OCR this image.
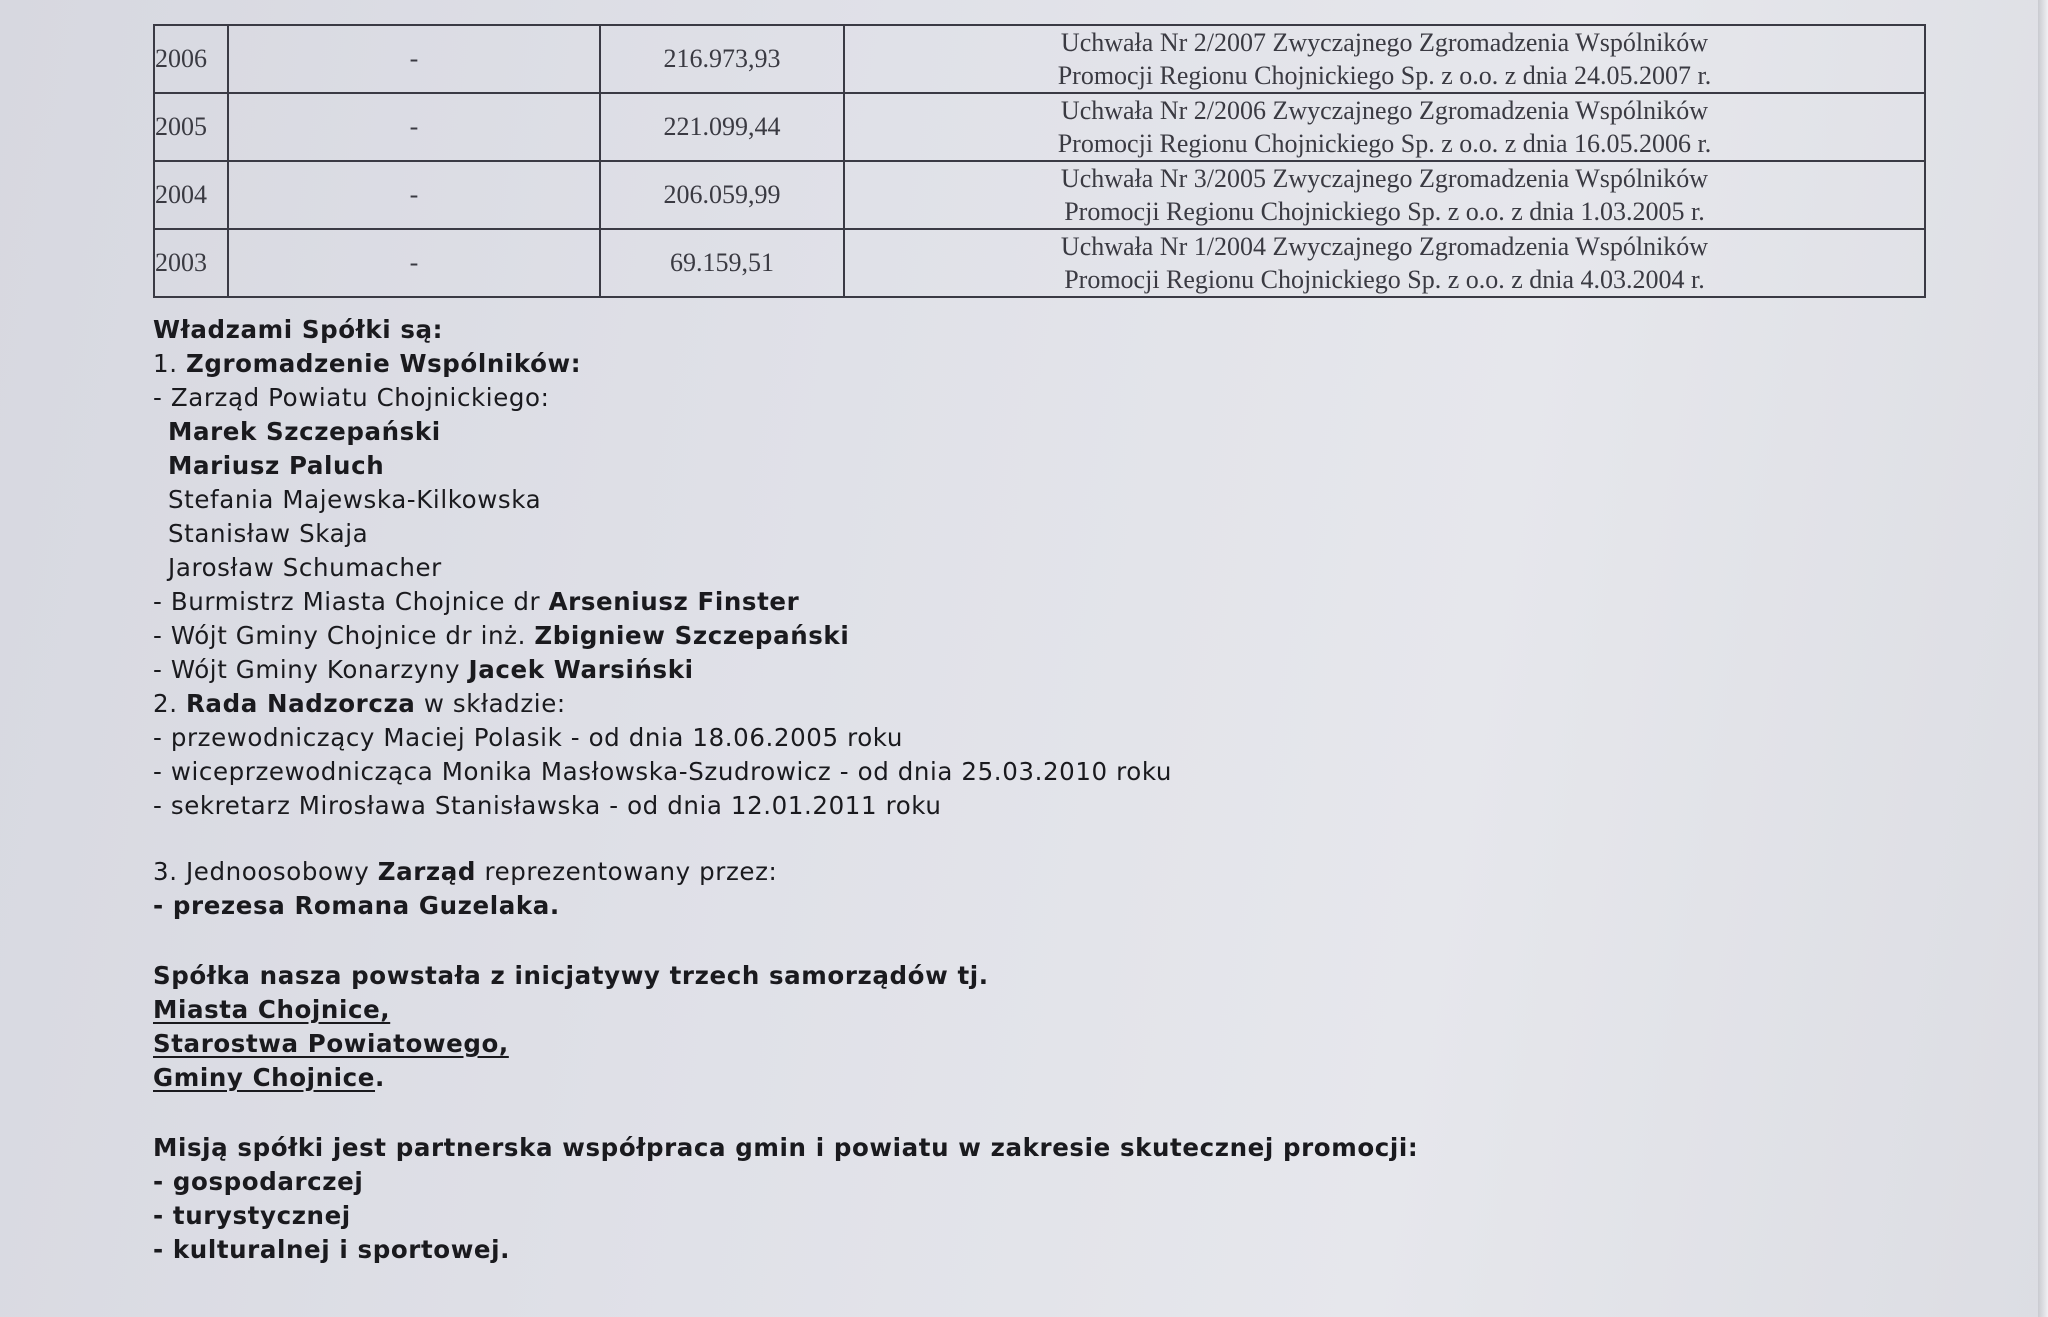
2006	-	216.973,93	Uchwała Nr 2/2007 Zwyczajnego Zgromadzenia Wspólników
Promocji Regionu Chojnickiego Sp. z o.o. z dnia 24.05.2007 r.

2005	-	221.099,44	Uchwała Nr 2/2006 Zwyczajnego Zgromadzenia Wspólników
Promocji Regionu Chojnickiego Sp. z o.o. z dnia 16.05.2006 r.

2004	-	206.059,99	Uchwała Nr 3/2005 Zwyczajnego Zgromadzenia Wspólników
Promocji Regionu Chojnickiego Sp. z o.o. z dnia 1.03.2005 r.

2003	-	69.159,51	Uchwała Nr 1/2004 Zwyczajnego Zgromadzenia Wspólników
Promocji Regionu Chojnickiego Sp. z o.o. z dnia 4.03.2004 r.
Władzami Spółki są:
1. Zgromadzenie Wspólników:
- Zarząd Powiatu Chojnickiego:
Marek Szczepański
Mariusz Paluch
Stefania Majewska-Kilkowska
Stanisław Skaja
Jarosław Schumacher
- Burmistrz Miasta Chojnice dr Arseniusz Finster
- Wójt Gminy Chojnice dr inż. Zbigniew Szczepański
- Wójt Gminy Konarzyny Jacek Warsiński
2. Rada Nadzorcza w składzie:
- przewodniczący Maciej Polasik - od dnia 18.06.2005 roku
- wiceprzewodnicząca Monika Masłowska-Szudrowicz - od dnia 25.03.2010 roku
- sekretarz Mirosława Stanisławska - od dnia 12.01.2011 roku
3. Jednoosobowy Zarząd reprezentowany przez:
- prezesa Romana Guzelaka.
Spółka nasza powstała z inicjatywy trzech samorządów tj.
Miasta Chojnice,
Starostwa Powiatowego,
Gminy Chojnice.
Misją spółki jest partnerska współpraca gmin i powiatu w zakresie skutecznej promocji:
- gospodarczej
- turystycznej
- kulturalnej i sportowej.
